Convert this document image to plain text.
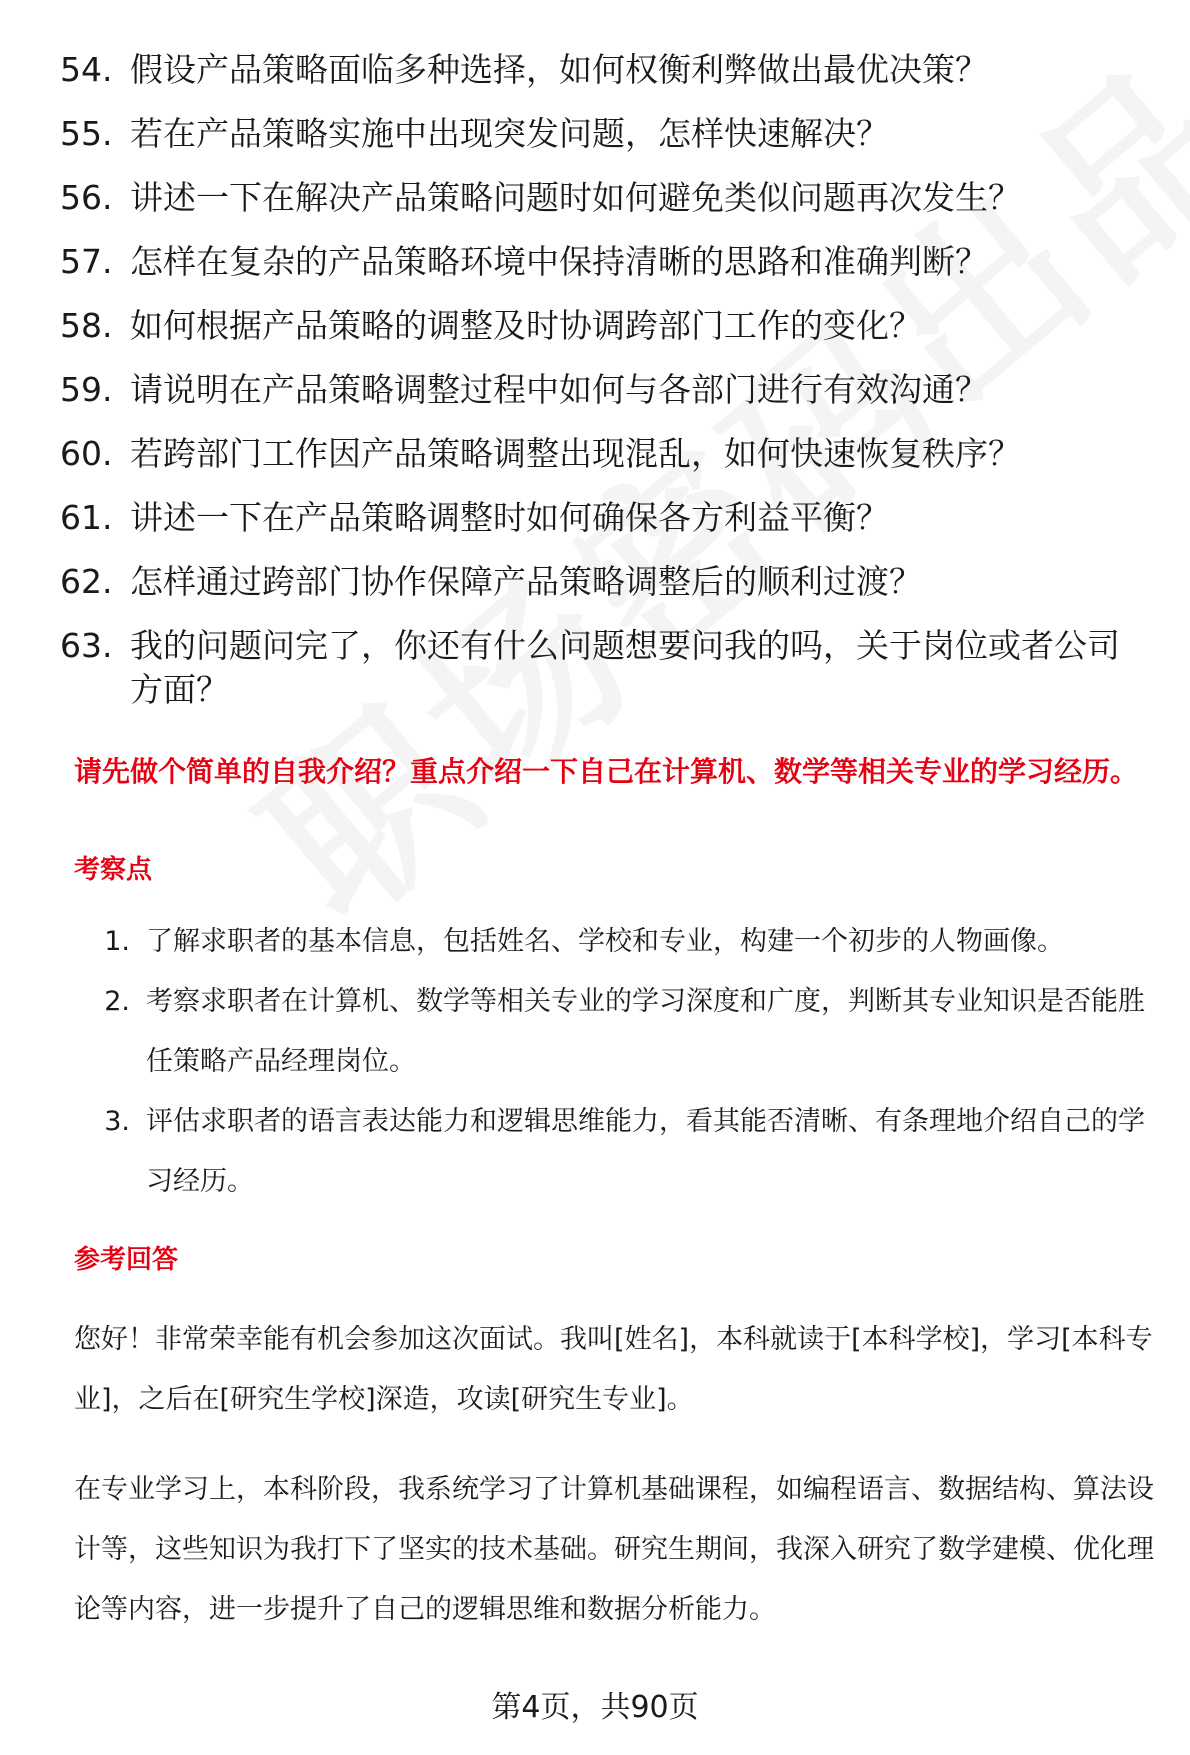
54. 假设产品策略面临多种选择，如何权衡利弊做出最优决策？
55. 若在产品策略实施中出现突发问题，怎样快速解决？
56. 讲述一下在解决产品策略问题时如何避免类似问题再次发生？
57. 怎样在复杂的产品策略环境中保持清晰的思路和准确判断？
58. 如何根据产品策略的调整及时协调跨部门工作的变化？
59. 请说明在产品策略调整过程中如何与各部门进行有效沟通？
60. 若跨部门工作因产品策略调整出现混乱，如何快速恢复秩序？
61. 讲述一下在产品策略调整时如何确保各方利益平衡？
62. 怎样通过跨部门协作保障产品策略调整后的顺利过渡？
63. 我的问题问完了，你还有什么问题想要问我的吗，关于岗位或者公司方面？
请先做个简单的自我介绍？重点介绍一下自己在计算机、数学等相关专业的学习经历。
考察点
1. 了解求职者的基本信息，包括姓名、学校和专业，构建一个初步的人物画像。
2. 考察求职者在计算机、数学等相关专业的学习深度和广度，判断其专业知识是否能胜任策略产品经理岗位。
3. 评估求职者的语言表达能力和逻辑思维能力，看其能否清晰、有条理地介绍自己的学习经历。
参考回答
您好！非常荣幸能有机会参加这次面试。我叫[姓名]，本科就读于[本科学校]，学习[本科专业]，之后在[研究生学校]深造，攻读[研究生专业]。
在专业学习上，本科阶段，我系统学习了计算机基础课程，如编程语言、数据结构、算法设计等，这些知识为我打下了坚实的技术基础。研究生期间，我深入研究了数学建模、优化理论等内容，进一步提升了自己的逻辑思维和数据分析能力。
第4页，共90页
